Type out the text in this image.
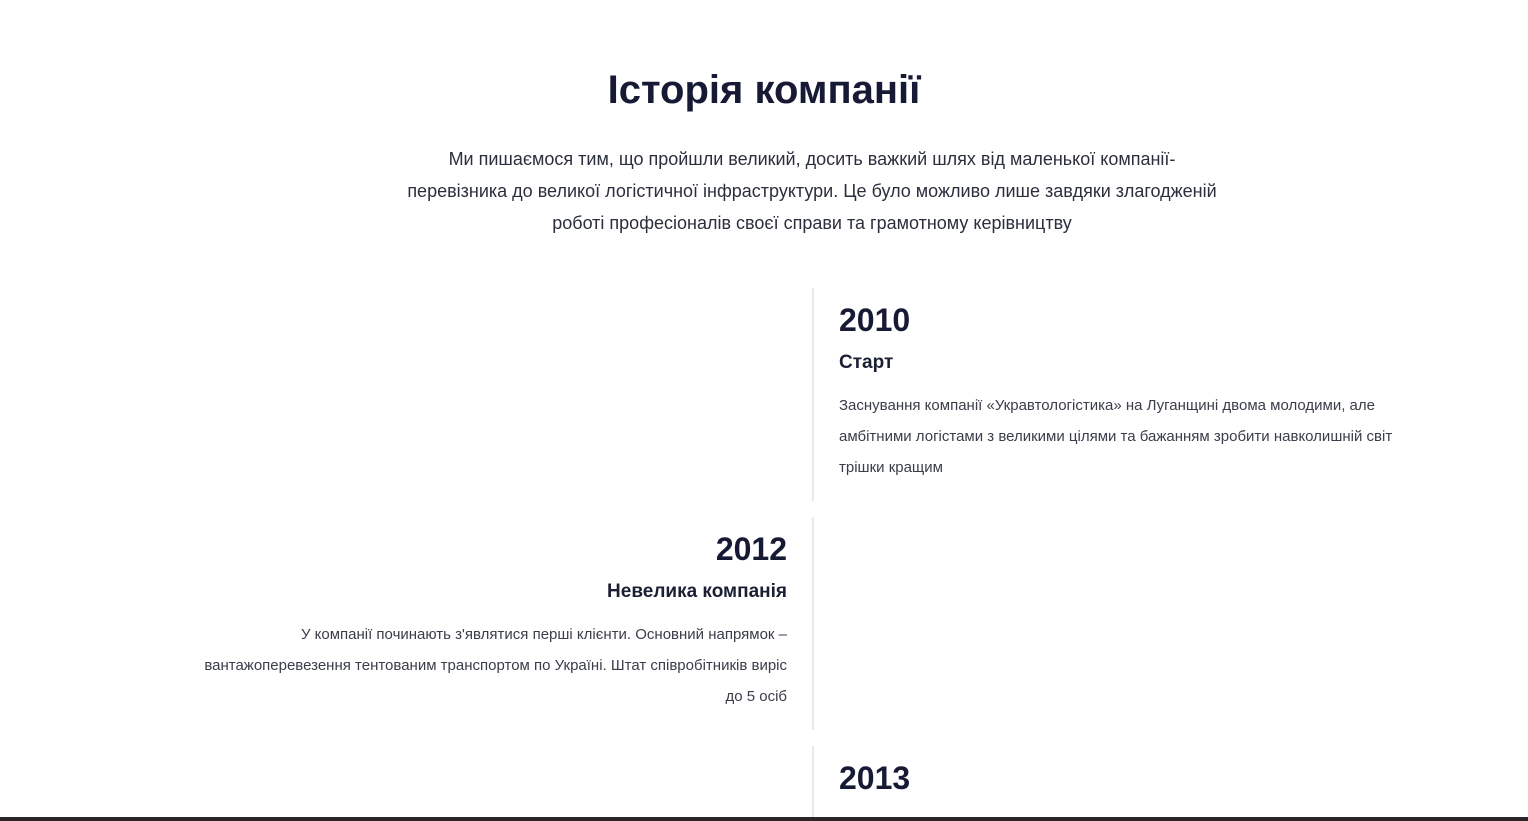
Історія компанії

Ми пишаємося тим, що пройшли великий, досить важкий шлях від маленької компанії-перевізника до великої логістичної інфраструктури. Це було можливо лише завдяки злагодженій роботі професіоналів своєї справи та грамотному керівництву

2010
Старт

Заснування компанії «Укравтологістика» на Луганщині двома молодими, але амбітними логістами з великими цілями та бажанням зробити навколишній світ трішки кращим

2012
Невелика компанія

У компанії починають з'являтися перші клієнти. Основний напрямок – вантажоперевезення тентованим транспортом по Україні. Штат співробітників виріс до 5 осіб

2013
